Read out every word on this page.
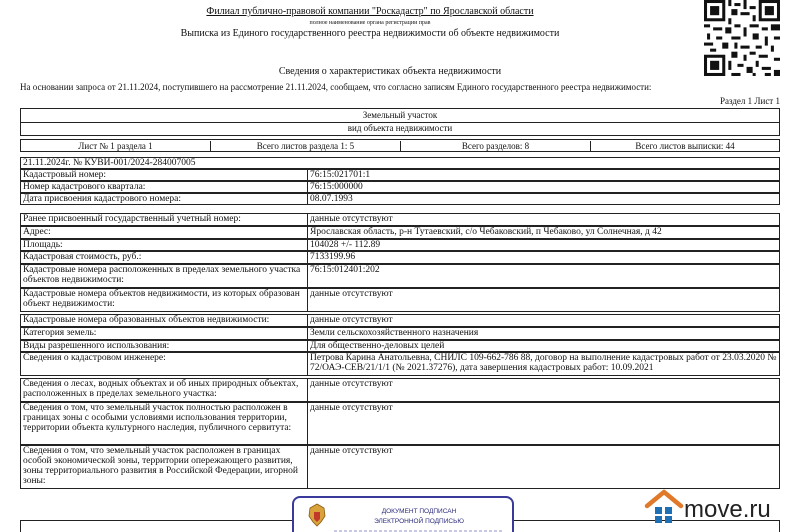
Филиал публично-правовой компании "Роскадастр" по Ярославской области
полное наименование органа регистрации прав
Выписка из Единого государственного реестра недвижимости об объекте недвижимости
Сведения о характеристиках объекта недвижимости
На основании запроса от 21.11.2024, поступившего на рассмотрение 21.11.2024, сообщаем, что согласно записям Единого государственного реестра недвижимости:
Раздел 1 Лист 1
Земельный участок
вид объекта недвижимости
Лист № 1 раздела 1	Всего листов раздела 1: 5	Всего разделов: 8	Всего листов выписки: 44
21.11.2024г. № КУВИ-001/2024-284007005
Кадастровый номер:	76:15:021701:1
Номер кадастрового квартала:	76:15:000000
Дата присвоения кадастрового номера:	08.07.1993
Ранее присвоенный государственный учетный номер:	данные отсутствуют
Адрес:	Ярославская область, р-н Тутаевский, с/о Чебаковский, п Чебаково, ул Солнечная, д 42
Площадь:	104028 +/- 112.89
Кадастровая стоимость, руб.:	7133199.96
Кадастровые номера расположенных в пределах земельного участка объектов недвижимости:
76:15:012401:202
Кадастровые номера объектов недвижимости, из которых образован объект недвижимости:
данные отсутствуют
Кадастровые номера образованных объектов недвижимости:	данные отсутствуют
Категория земель:	Земли сельскохозяйственного назначения
Виды разрешенного использования:	Для общественно-деловых целей
Сведения о кадастровом инженере:	Петрова Карина Анатольевна, СНИЛС 109-662-786 88, договор на выполнение кадастровых работ от 23.03.2020 № 72/ОАЭ-СЕВ/21/1/1 (№ 2021.37276), дата завершения кадастровых работ: 10.09.2021
Сведения о лесах, водных объектах и об иных природных объектах, расположенных в пределах земельного участка:
данные отсутствуют
Сведения о том, что земельный участок полностью расположен в границах зоны с особыми условиями использования территории, территории объекта культурного наследия, публичного сервитута:
данные отсутствуют
Сведения о том, что земельный участок расположен в границах особой экономической зоны, территории опережающего развития, зоны территориального развития в Российской Федерации, игорной зоны:
данные отсутствуют
ДОКУМЕНТ ПОДПИСАН
ЭЛЕКТРОННОЙ ПОДПИСЬЮ	move.ru
